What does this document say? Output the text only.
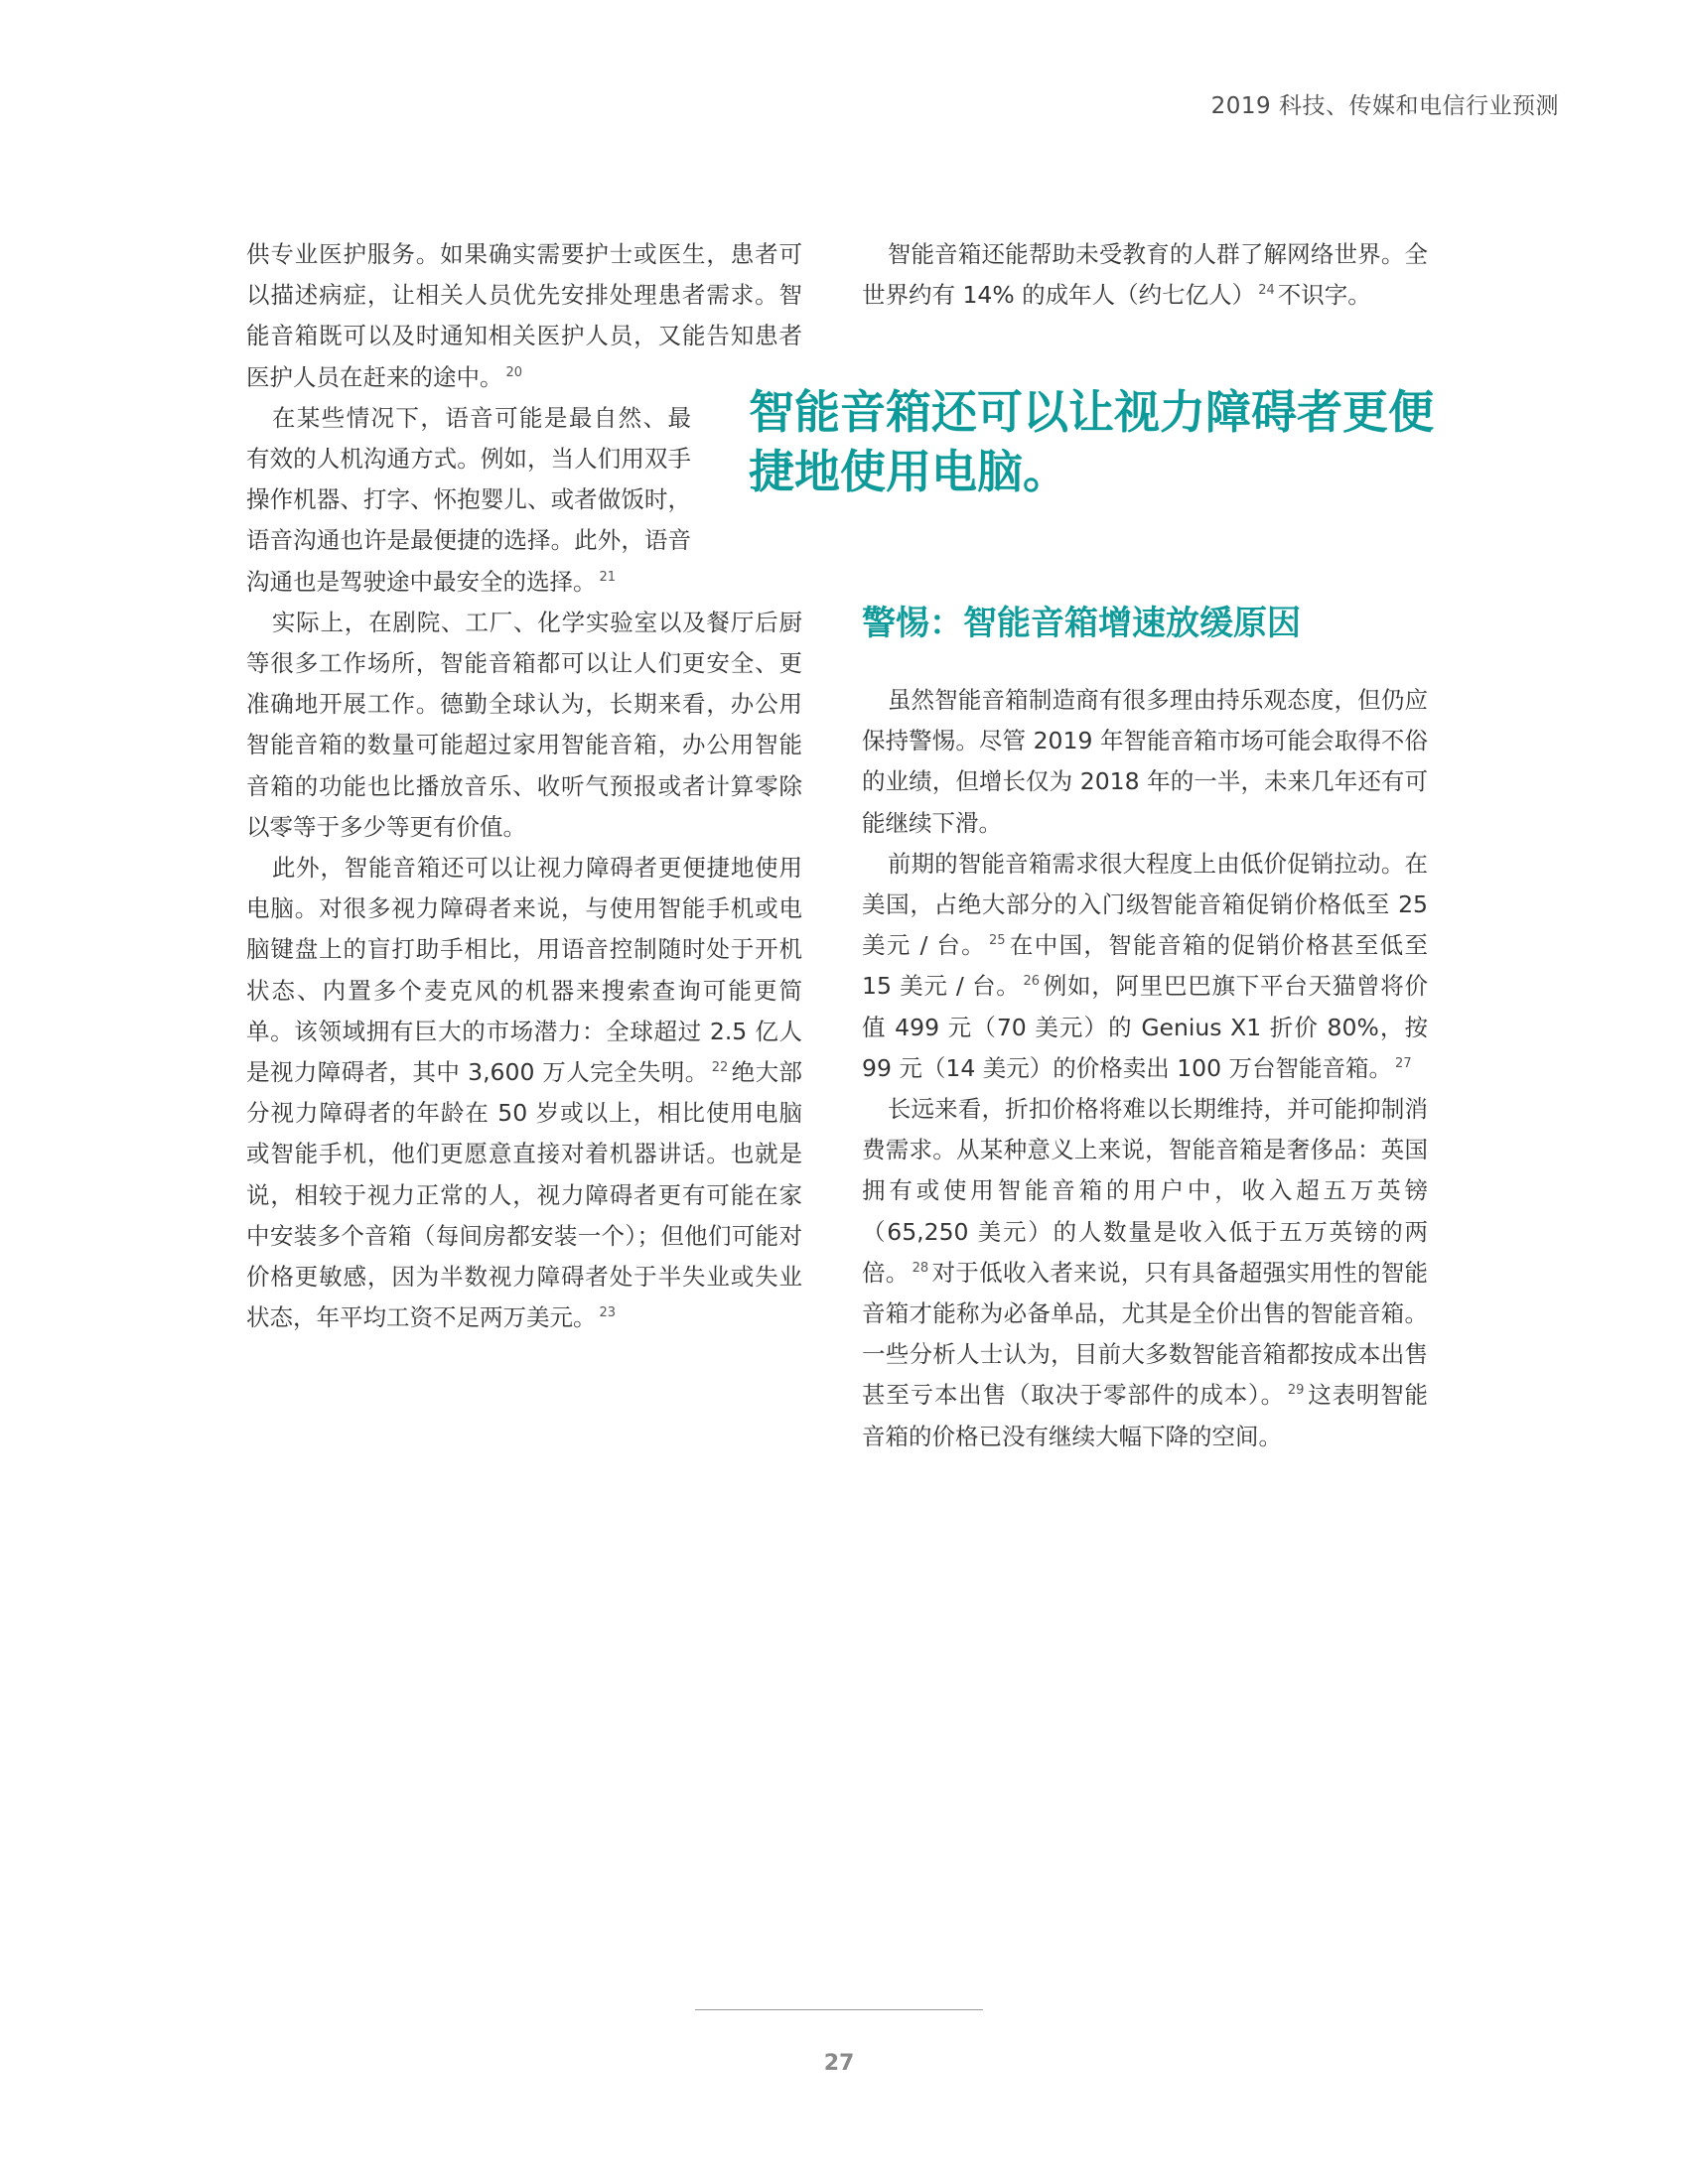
2019 科技、传媒和电信行业预测

供专业医护服务。如果确实需要护士或医生，患者可以描述病症，让相关人员优先安排处理患者需求。智能音箱既可以及时通知相关医护人员，又能告知患者医护人员在赶来的途中。 $^{20}$

在某些情况下，语音可能是最自然、最有效的人机沟通方式。例如，当人们用双手操作机器、打字、怀抱婴儿、或者做饭时，语音沟通也许是最便捷的选择。此外，语音沟通也是驾驶途中最安全的选择。 $^{21}$

实际上，在剧院、工厂、化学实验室以及餐厅后厨等很多工作场所，智能音箱都可以让人们更安全、更准确地开展工作。德勤全球认为，长期来看，办公用智能音箱的数量可能超过家用智能音箱，办公用智能音箱的功能也比播放音乐、收听气预报或者计算零除以零等于多少等更有价值。

此外，智能音箱还可以让视力障碍者更便捷地使用电脑。对很多视力障碍者来说，与使用智能手机或电脑键盘上的盲打助手相比，用语音控制随时处于开机状态、内置多个麦克风的机器来搜索查询可能更简单。该领域拥有巨大的市场潜力：全球超过 2.5 亿人是视力障碍者，其中 3,600 万人完全失明。 $^{22}$ 绝大部分视力障碍者的年龄在 50 岁或以上，相比使用电脑或智能手机，他们更愿意直接对着机器讲话。也就是说，相较于视力正常的人，视力障碍者更有可能在家中安装多个音箱（每间房都安装一个）；但他们可能对价格更敏感，因为半数视力障碍者处于半失业或失业状态，年平均工资不足两万美元。 $^{23}$

智能音箱还能帮助未受教育的人群了解网络世界。全世界约有 14% 的成年人（约七亿人） $^{24}$ 不识字。

智能音箱还可以让视力障碍者更便捷地使用电脑。

警惕：智能音箱增速放缓原因

虽然智能音箱制造商有很多理由持乐观态度，但仍应保持警惕。尽管 2019 年智能音箱市场可能会取得不俗的业绩，但增长仅为 2018 年的一半，未来几年还有可能继续下滑。

前期的智能音箱需求很大程度上由低价促销拉动。在美国，占绝大部分的入门级智能音箱促销价格低至 25 美元 / 台。 $^{25}$ 在中国，智能音箱的促销价格甚至低至 15 美元 / 台。 $^{26}$ 例如，阿里巴巴旗下平台天猫曾将价值 499 元（70 美元）的 Genius X1 折价 80%，按 99 元（14 美元）的价格卖出 100 万台智能音箱。 $^{27}$

长远来看，折扣价格将难以长期维持，并可能抑制消费需求。从某种意义上来说，智能音箱是奢侈品：英国拥有或使用智能音箱的用户中，收入超五万英镑（65,250 美元）的人数量是收入低于五万英镑的两倍。 $^{28}$ 对于低收入者来说，只有具备超强实用性的智能音箱才能称为必备单品，尤其是全价出售的智能音箱。一些分析人士认为，目前大多数智能音箱都按成本出售甚至亏本出售（取决于零部件的成本）。 $^{29}$ 这表明智能音箱的价格已没有继续大幅下降的空间。

27
